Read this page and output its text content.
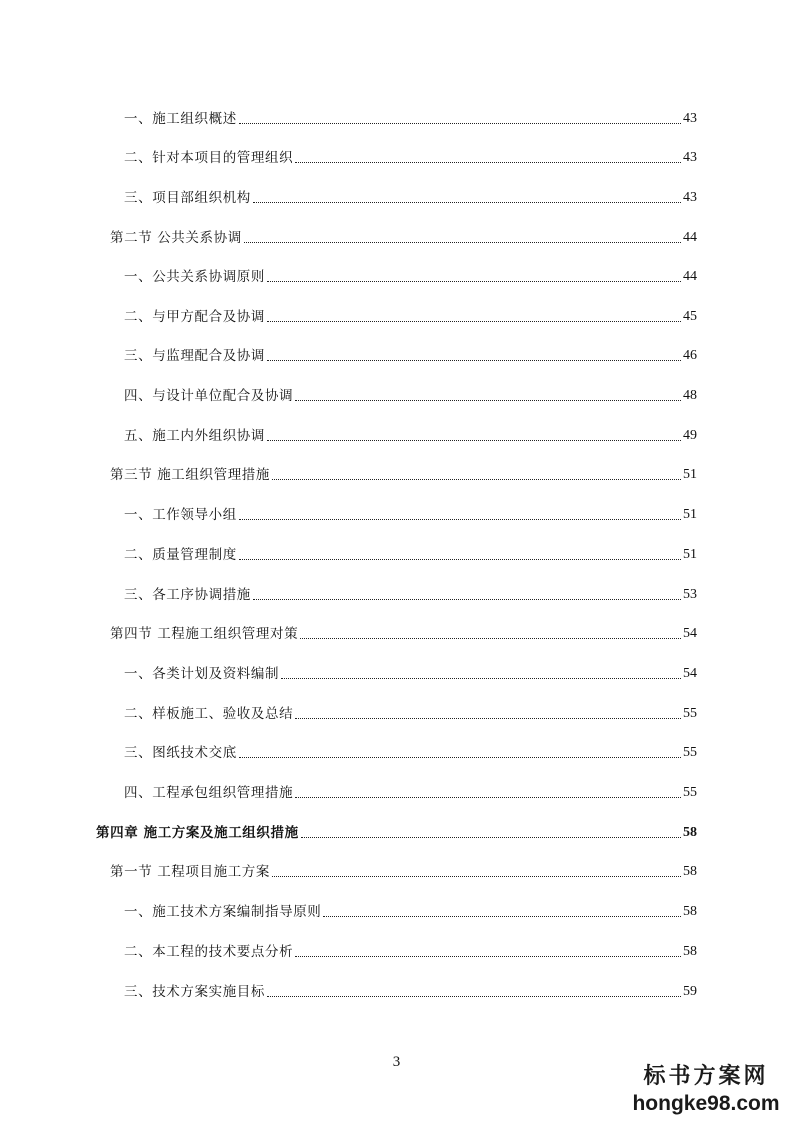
一、施工组织概述	43
二、针对本项目的管理组织	43
三、项目部组织机构	43
第二节 公共关系协调	44
一、公共关系协调原则	44
二、与甲方配合及协调	45
三、与监理配合及协调	46
四、与设计单位配合及协调	48
五、施工内外组织协调	49
第三节 施工组织管理措施	51
一、工作领导小组	51
二、质量管理制度	51
三、各工序协调措施	53
第四节 工程施工组织管理对策	54
一、各类计划及资料编制	54
二、样板施工、验收及总结	55
三、图纸技术交底	55
四、工程承包组织管理措施	55
第四章 施工方案及施工组织措施	58
第一节 工程项目施工方案	58
一、施工技术方案编制指导原则	58
二、本工程的技术要点分析	58
三、技术方案实施目标	59
3
标书方案网
hongke98.com
